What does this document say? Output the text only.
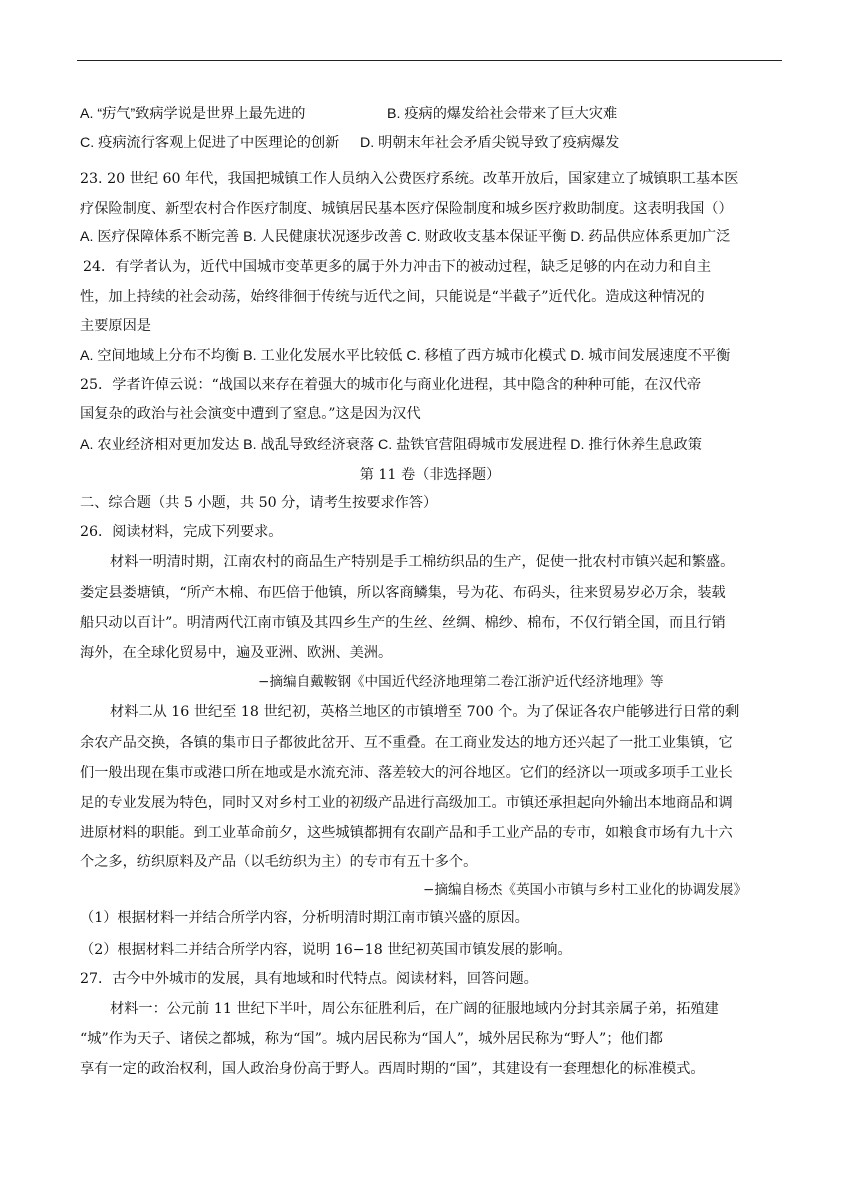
A. “疠气”致病学说是世界上最先进的	B. 疫病的爆发给社会带来了巨大灾难
C. 疫病流行客观上促进了中医理论的创新 D. 明朝末年社会矛盾尖锐导致了疫病爆发
23. 20 世纪 60 年代，我国把城镇工作人员纳入公费医疗系统。改革开放后，国家建立了城镇职工基本医
疗保险制度、新型农村合作医疗制度、城镇居民基本医疗保险制度和城乡医疗救助制度。这表明我国（）
A. 医疗保障体系不断完善 B. 人民健康状况逐步改善 C. 财政收支基本保证平衡 D. 药品供应体系更加广泛
24．有学者认为，近代中国城市变革更多的属于外力冲击下的被动过程，缺乏足够的内在动力和自主
性，加上持续的社会动荡，始终徘徊于传统与近代之间，只能说是“半截子”近代化。造成这种情况的
主要原因是
A. 空间地域上分布不均衡 B. 工业化发展水平比较低 C. 移植了西方城市化模式 D. 城市间发展速度不平衡
25．学者许倬云说：“战国以来存在着强大的城市化与商业化进程，其中隐含的种种可能，在汉代帝
国复杂的政治与社会演变中遭到了窒息。”这是因为汉代
A. 农业经济相对更加发达 B. 战乱导致经济衰落 C. 盐铁官营阻碍城市发展进程 D. 推行休养生息政策
第 11 卷（非选择题）
二、综合题（共 5 小题，共 50 分，请考生按要求作答）
26．阅读材料，完成下列要求。
材料一明清时期，江南农村的商品生产特别是手工棉纺织品的生产，促使一批农村市镇兴起和繁盛。
娄定县娄塘镇，“所产木棉、布匹倍于他镇，所以客商鳞集，号为花、布码头，往来贸易岁必万余，装载
船只动以百计”。明清两代江南市镇及其四乡生产的生丝、丝绸、棉纱、棉布，不仅行销全国，而且行销
海外，在全球化贸易中，遍及亚洲、欧洲、美洲。
−摘编自戴鞍钢《中国近代经济地理第二卷江浙沪近代经济地理》等
材料二从 16 世纪至 18 世纪初，英格兰地区的市镇增至 700 个。为了保证各农户能够进行日常的剩
余农产品交换，各镇的集市日子都彼此岔开、互不重叠。在工商业发达的地方还兴起了一批工业集镇，它
们一般出现在集市或港口所在地或是水流充沛、落差较大的河谷地区。它们的经济以一项或多项手工业长
足的专业发展为特色，同时又对乡村工业的初级产品进行高级加工。市镇还承担起向外输出本地商品和调
进原材料的职能。到工业革命前夕，这些城镇都拥有农副产品和手工业产品的专市，如粮食市场有九十六
个之多，纺织原料及产品（以毛纺织为主）的专市有五十多个。
−摘编自杨杰《英国小市镇与乡村工业化的协调发展》
（1）根据材料一并结合所学内容，分析明清时期江南市镇兴盛的原因。
（2）根据材料二并结合所学内容，说明 16−18 世纪初英国市镇发展的影响。
27．古今中外城市的发展，具有地域和时代特点。阅读材料，回答问题。
材料一：公元前 11 世纪下半叶，周公东征胜利后，在广阔的征服地域内分封其亲属子弟，拓殖建
“城”作为天子、诸侯之都城，称为“国”。城内居民称为“国人”，城外居民称为“野人”；他们都
享有一定的政治权利，国人政治身份高于野人。西周时期的“国”，其建设有一套理想化的标准模式。
